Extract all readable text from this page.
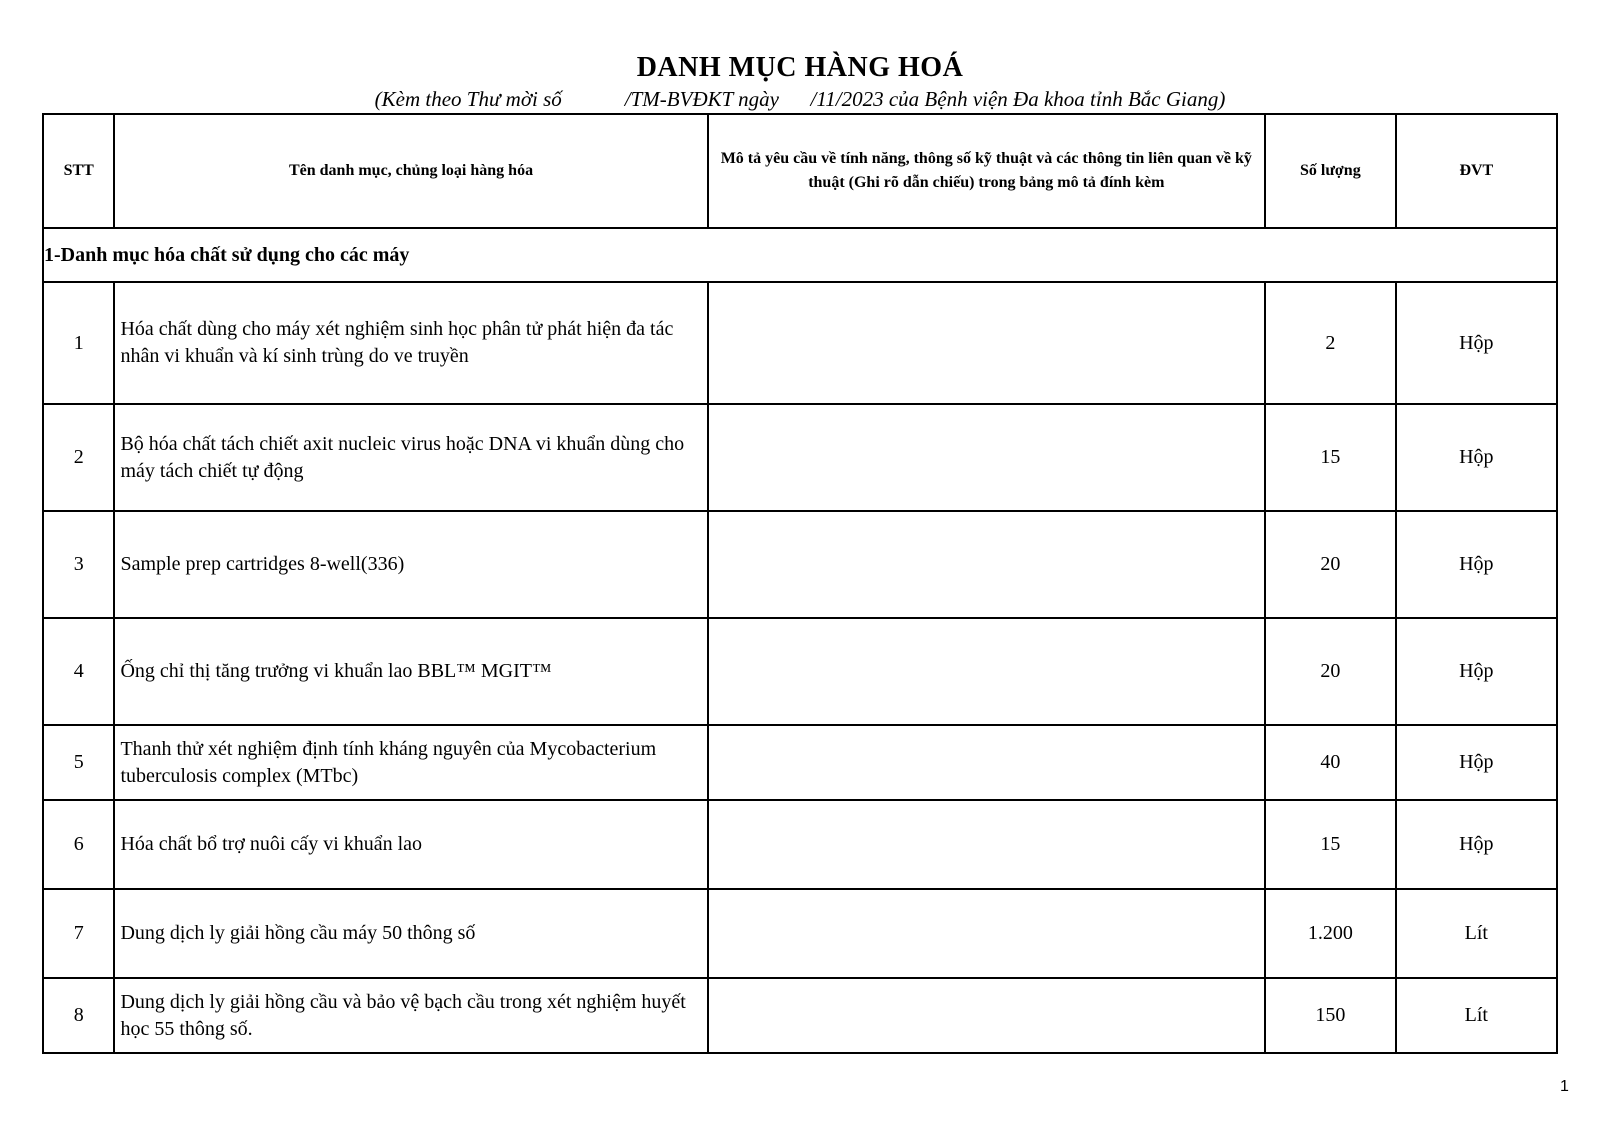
DANH MỤC HÀNG HOÁ
(Kèm theo Thư mời số            /TM-BVĐKT ngày      /11/2023 của Bệnh viện Đa khoa tỉnh Bắc Giang)
STT	Tên danh mục, chủng loại hàng hóa	Mô tả yêu cầu về tính năng, thông số kỹ thuật và các thông tin liên quan về kỹ thuật (Ghi rõ dẫn chiếu) trong bảng mô tả đính kèm	Số lượng	ĐVT
1-Danh mục hóa chất sử dụng cho các máy				
1	Hóa chất dùng cho máy xét nghiệm sinh học phân tử phát hiện đa tác nhân vi khuẩn và kí sinh trùng do ve truyền		2	Hộp
2	Bộ hóa chất tách chiết axit nucleic virus hoặc DNA vi khuẩn dùng cho máy tách chiết tự động		15	Hộp
3	Sample prep cartridges 8-well(336)		20	Hộp
4	Ống chỉ thị tăng trưởng vi khuẩn lao BBL™ MGIT™		20	Hộp
5	Thanh thử xét nghiệm định tính kháng nguyên của Mycobacterium tuberculosis complex (MTbc)		40	Hộp
6	Hóa chất bổ trợ nuôi cấy vi khuẩn lao		15	Hộp
7	Dung dịch ly giải hồng cầu máy 50 thông số		1.200	Lít
8	Dung dịch ly giải hồng cầu và bảo vệ bạch cầu trong xét nghiệm huyết học 55 thông số.		150	Lít
1
